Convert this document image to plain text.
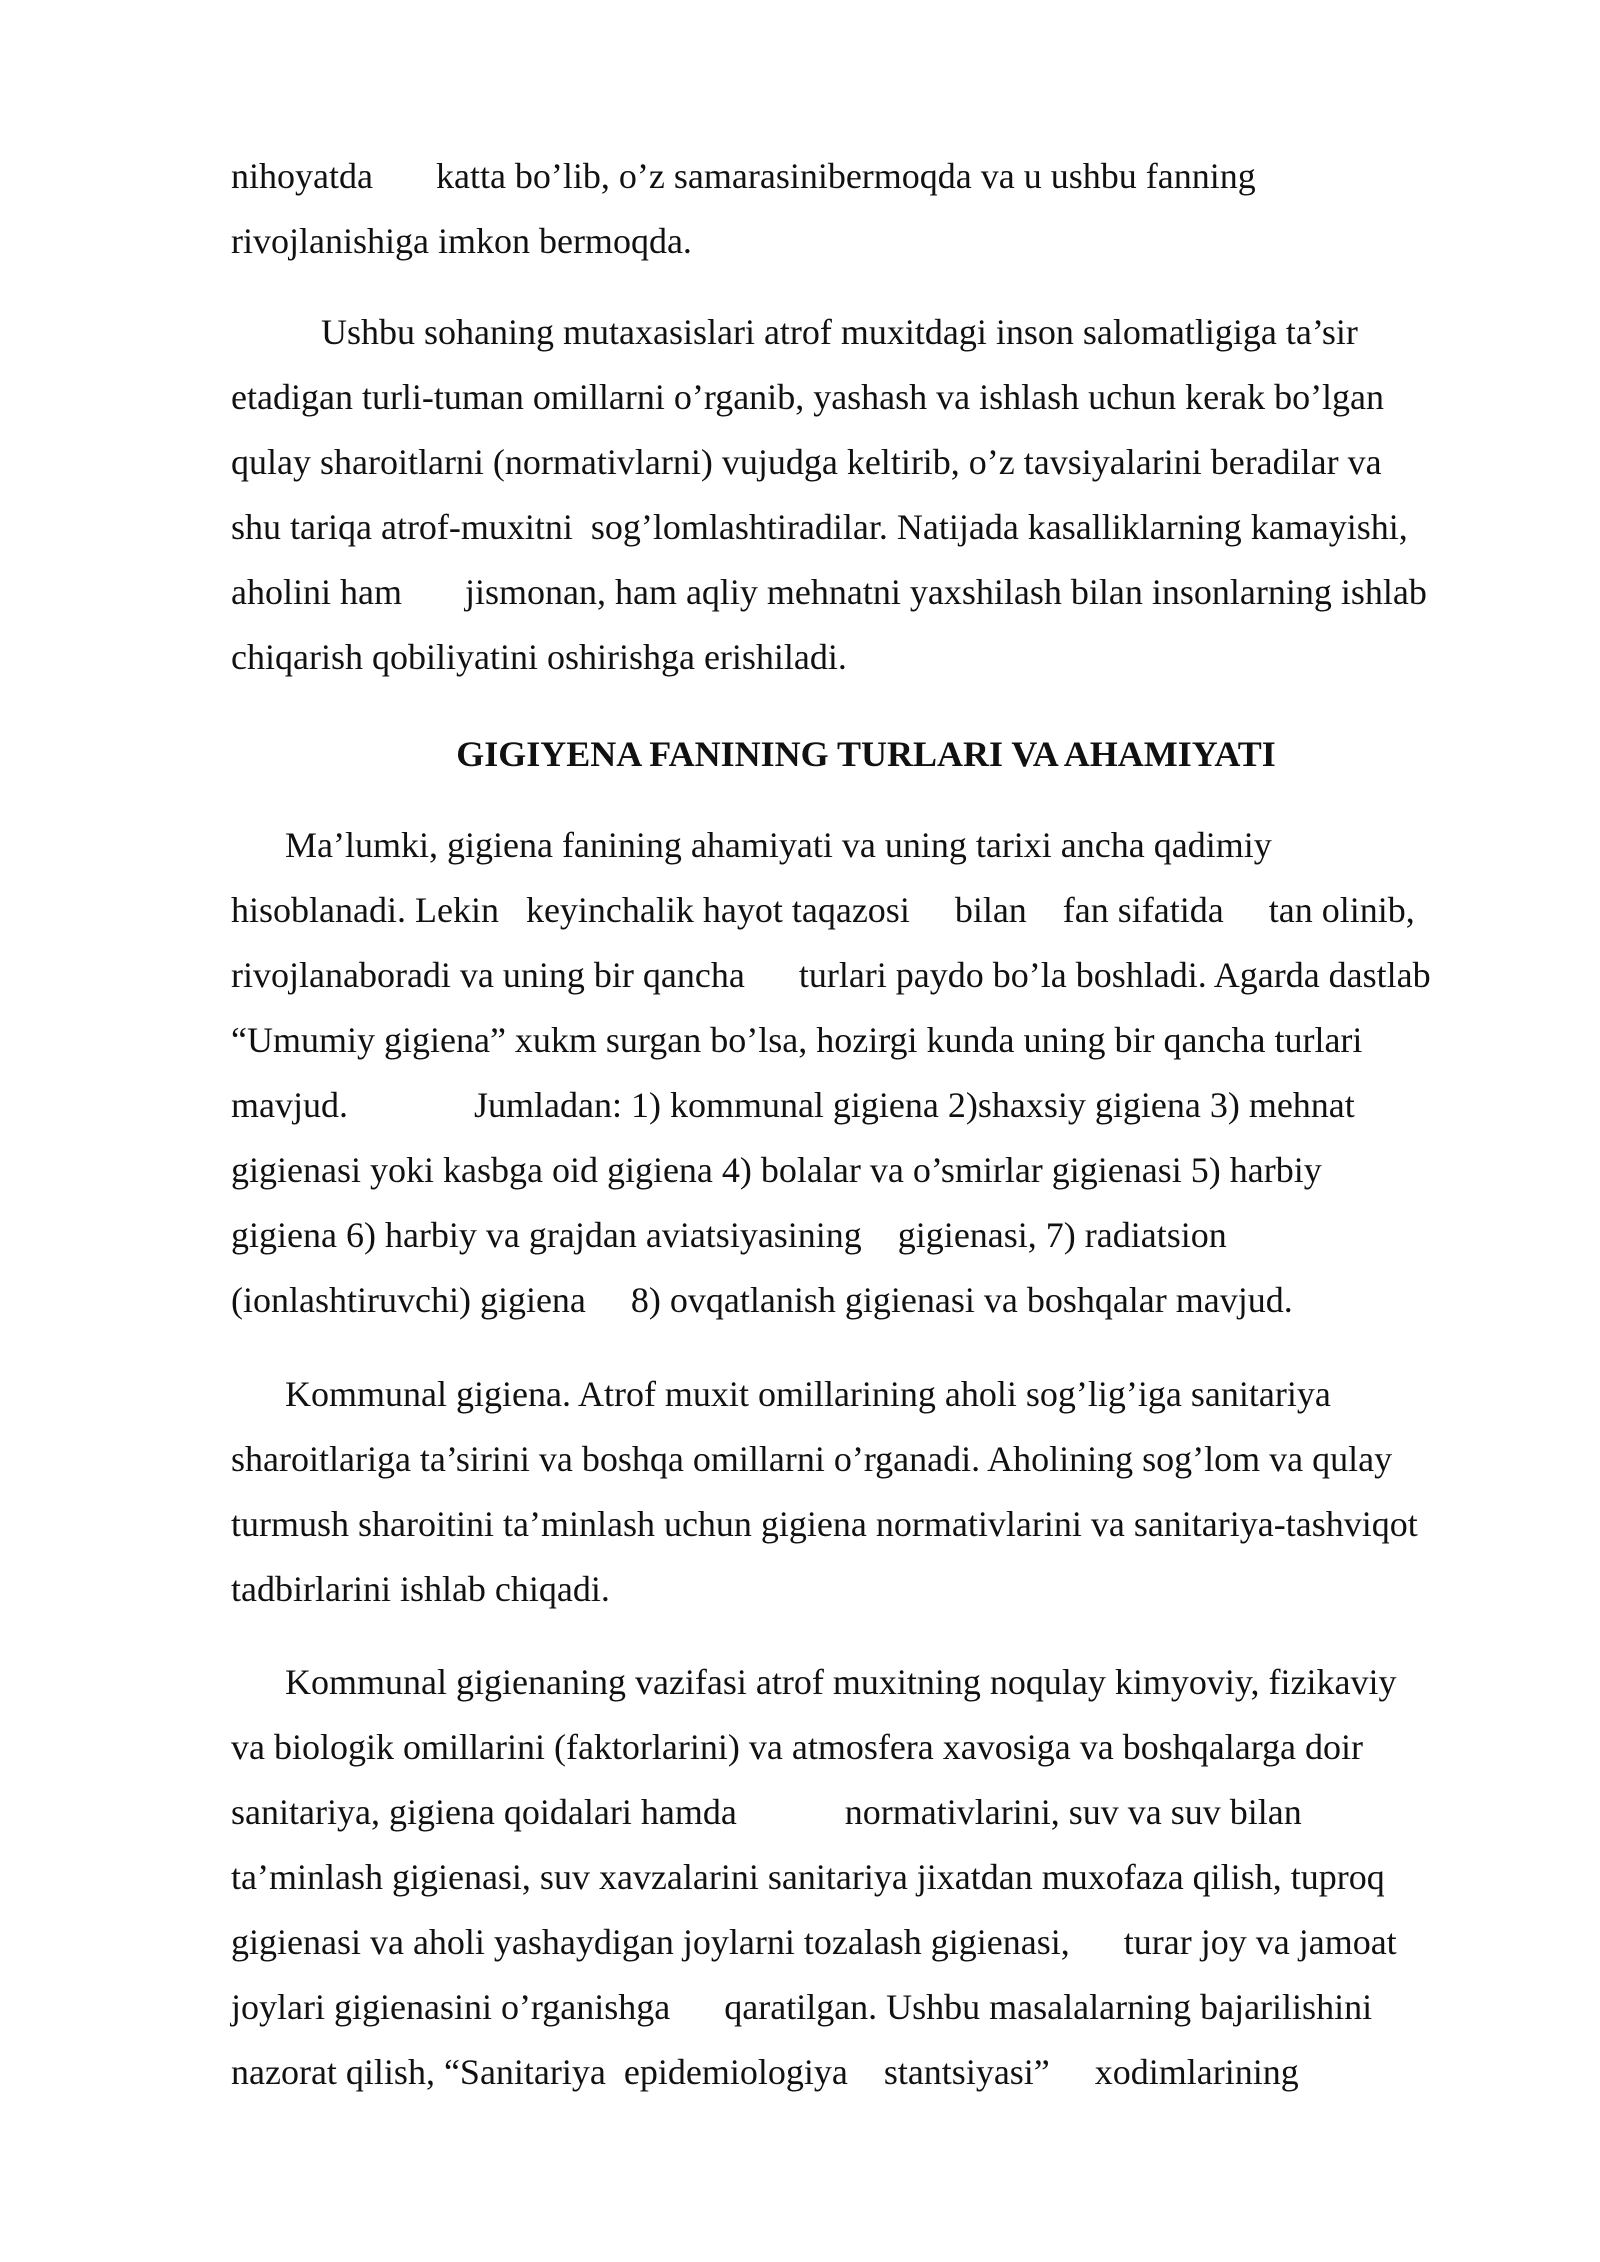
nihoyatda       katta bo’lib, o’z samarasinibermoqda va u ushbu fanning
rivojlanishiga imkon bermoqda.
Ushbu sohaning mutaxasislari atrof muxitdagi inson salomatligiga ta’sir
etadigan turli-tuman omillarni o’rganib, yashash va ishlash uchun kerak bo’lgan
qulay sharoitlarni (normativlarni) vujudga keltirib, o’z tavsiyalarini beradilar va
shu tariqa atrof-muxitni  sog’lomlashtiradilar. Natijada kasalliklarning kamayishi,
aholini ham       jismonan, ham aqliy mehnatni yaxshilash bilan insonlarning ishlab
chiqarish qobiliyatini oshirishga erishiladi.
GIGIYENA FANINING TURLARI VA AHAMIYATI
Ma’lumki, gigiena fanining ahamiyati va uning tarixi ancha qadimiy
hisoblanadi. Lekin   keyinchalik hayot taqazosi     bilan    fan sifatida     tan olinib,
rivojlanaboradi va uning bir qancha      turlari paydo bo’la boshladi. Agarda dastlab
“Umumiy gigiena” xukm surgan bo’lsa, hozirgi kunda uning bir qancha turlari
mavjud.              Jumladan: 1) kommunal gigiena 2)shaxsiy gigiena 3) mehnat
gigienasi yoki kasbga oid gigiena 4) bolalar va o’smirlar gigienasi 5) harbiy
gigiena 6) harbiy va grajdan aviatsiyasining    gigienasi, 7) radiatsion
(ionlashtiruvchi) gigiena     8) ovqatlanish gigienasi va boshqalar mavjud.
Kommunal gigiena. Atrof muxit omillarining aholi sog’lig’iga sanitariya
sharoitlariga ta’sirini va boshqa omillarni o’rganadi. Aholining sog’lom va qulay
turmush sharoitini ta’minlash uchun gigiena normativlarini va sanitariya-tashviqot
tadbirlarini ishlab chiqadi.
Kommunal gigienaning vazifasi atrof muxitning noqulay kimyoviy, fizikaviy
va biologik omillarini (faktorlarini) va atmosfera xavosiga va boshqalarga doir
sanitariya, gigiena qoidalari hamda            normativlarini, suv va suv bilan
ta’minlash gigienasi, suv xavzalarini sanitariya jixatdan muxofaza qilish, tuproq
gigienasi va aholi yashaydigan joylarni tozalash gigienasi,      turar joy va jamoat
joylari gigienasini o’rganishga      qaratilgan. Ushbu masalalarning bajarilishini
nazorat qilish, “Sanitariya  epidemiologiya    stantsiyasi”     xodimlarining
